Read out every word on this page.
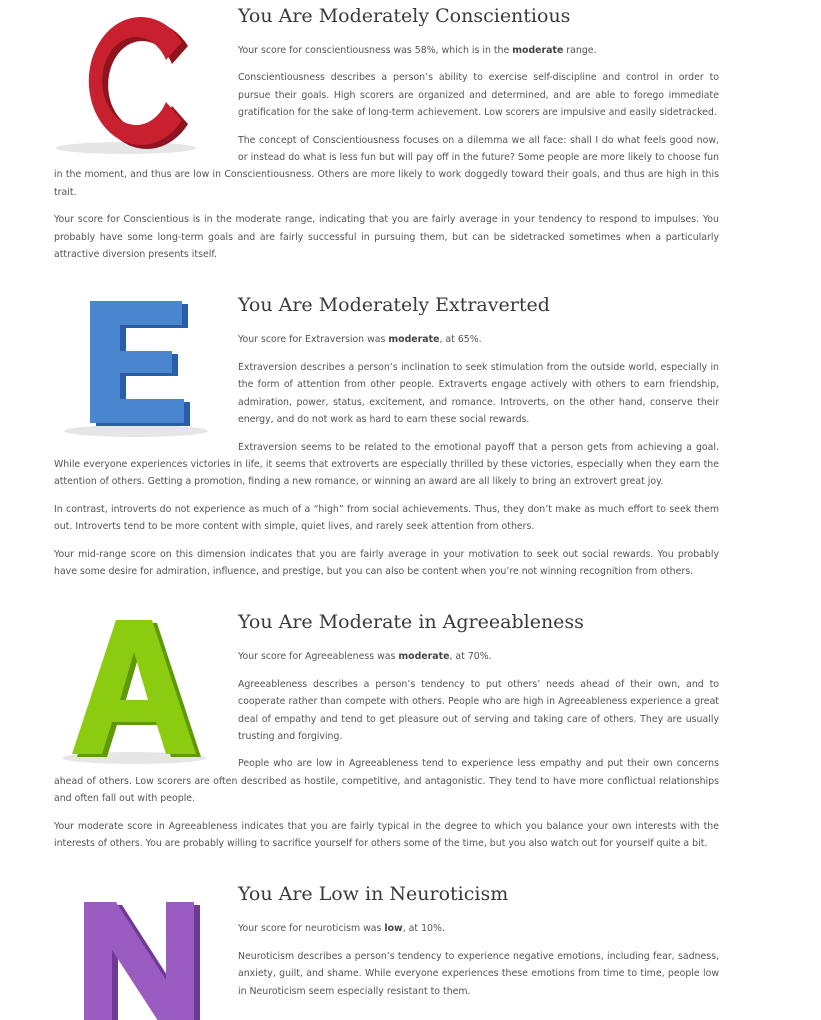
You Are Moderately Conscientious

Your score for conscientiousness was 58%, which is in the moderate range.

Conscientiousness describes a person’s ability to exercise self-discipline and control in order to pursue their goals. High scorers are organized and determined, and are able to forego immediate gratification for the sake of long-term achievement. Low scorers are impulsive and easily sidetracked.

The concept of Conscientiousness focuses on a dilemma we all face: shall I do what feels good now, or instead do what is less fun but will pay off in the future? Some people are more likely to choose fun in the moment, and thus are low in Conscientiousness. Others are more likely to work doggedly toward their goals, and thus are high in this trait.

Your score for Conscientious is in the moderate range, indicating that you are fairly average in your tendency to respond to impulses. You probably have some long-term goals and are fairly successful in pursuing them, but can be sidetracked sometimes when a particularly attractive diversion presents itself.

You Are Moderately Extraverted

Your score for Extraversion was moderate, at 65%.

Extraversion describes a person’s inclination to seek stimulation from the outside world, especially in the form of attention from other people. Extraverts engage actively with others to earn friendship, admiration, power, status, excitement, and romance. Introverts, on the other hand, conserve their energy, and do not work as hard to earn these social rewards.

Extraversion seems to be related to the emotional payoff that a person gets from achieving a goal. While everyone experiences victories in life, it seems that extroverts are especially thrilled by these victories, especially when they earn the attention of others. Getting a promotion, finding a new romance, or winning an award are all likely to bring an extrovert great joy.

In contrast, introverts do not experience as much of a “high” from social achievements. Thus, they don’t make as much effort to seek them out. Introverts tend to be more content with simple, quiet lives, and rarely seek attention from others.

Your mid-range score on this dimension indicates that you are fairly average in your motivation to seek out social rewards. You probably have some desire for admiration, influence, and prestige, but you can also be content when you’re not winning recognition from others.

You Are Moderate in Agreeableness

Your score for Agreeableness was moderate, at 70%.

Agreeableness describes a person’s tendency to put others’ needs ahead of their own, and to cooperate rather than compete with others. People who are high in Agreeableness experience a great deal of empathy and tend to get pleasure out of serving and taking care of others. They are usually trusting and forgiving.

People who are low in Agreeableness tend to experience less empathy and put their own concerns ahead of others. Low scorers are often described as hostile, competitive, and antagonistic. They tend to have more conflictual relationships and often fall out with people.

Your moderate score in Agreeableness indicates that you are fairly typical in the degree to which you balance your own interests with the interests of others. You are probably willing to sacrifice yourself for others some of the time, but you also watch out for yourself quite a bit.

You Are Low in Neuroticism

Your score for neuroticism was low, at 10%.

Neuroticism describes a person’s tendency to experience negative emotions, including fear, sadness, anxiety, guilt, and shame. While everyone experiences these emotions from time to time, people low in Neuroticism seem especially resistant to them.
